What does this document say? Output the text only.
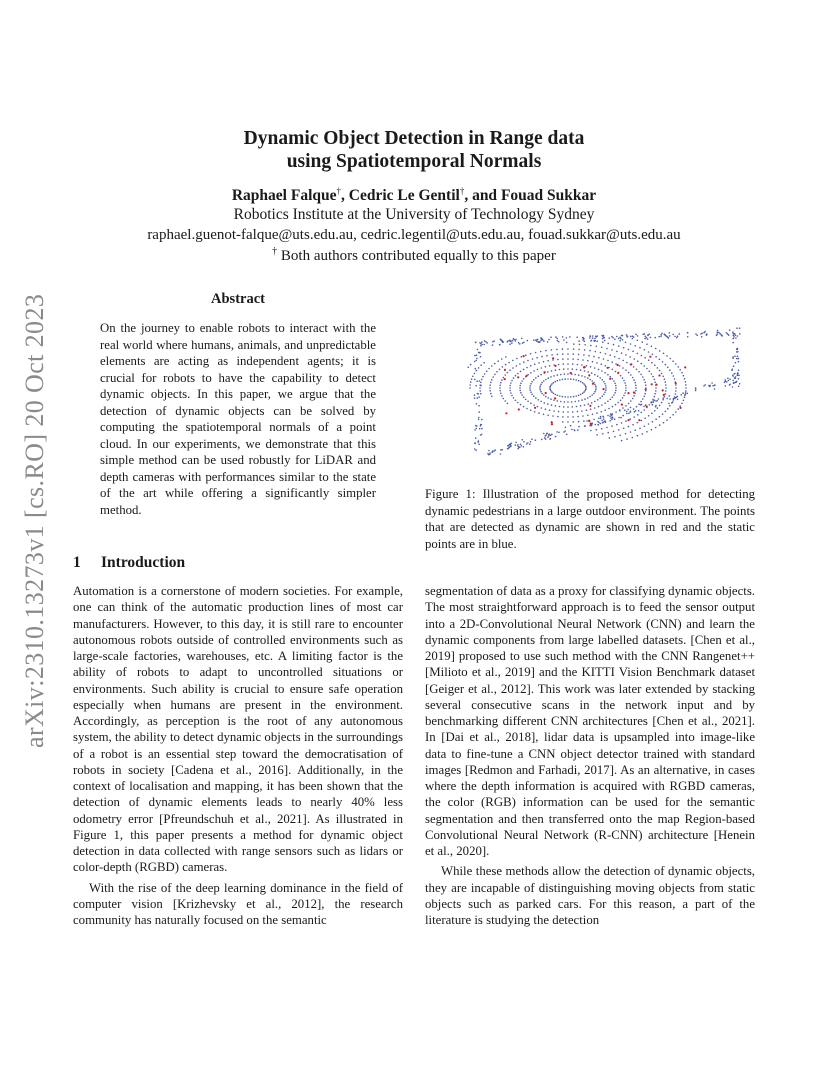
arXiv:2310.13273v1 [cs.RO] 20 Oct 2023
Dynamic Object Detection in Range data
using Spatiotemporal Normals
Raphael Falque†, Cedric Le Gentil†, and Fouad Sukkar
Robotics Institute at the University of Technology Sydney
raphael.guenot-falque@uts.edu.au, cedric.legentil@uts.edu.au, fouad.sukkar@uts.edu.au
† Both authors contributed equally to this paper
Abstract
On the journey to enable robots to interact with the real world where humans, animals, and unpredictable elements are acting as independent agents; it is crucial for robots to have the capability to detect dynamic objects. In this paper, we argue that the detection of dynamic objects can be solved by computing the spatiotemporal normals of a point cloud. In our experiments, we demonstrate that this simple method can be used robustly for LiDAR and depth cameras with performances similar to the state of the art while offering a significantly simpler method.
Figure 1: Illustration of the proposed method for detecting dynamic pedestrians in a large outdoor environment. The points that are detected as dynamic are shown in red and the static points are in blue.
1 Introduction

Automation is a cornerstone of modern societies. For example, one can think of the automatic production lines of most car manufacturers. However, to this day, it is still rare to encounter autonomous robots outside of controlled environments such as large-scale factories, warehouses, etc. A limiting factor is the ability of robots to adapt to uncontrolled situations or environments. Such ability is crucial to ensure safe operation especially when humans are present in the environment. Accordingly, as perception is the root of any autonomous system, the ability to detect dynamic objects in the surroundings of a robot is an essential step toward the democratisation of robots in society [Cadena et al., 2016]. Additionally, in the context of localisation and mapping, it has been shown that the detection of dynamic elements leads to nearly 40% less odometry error [Pfreundschuh et al., 2021]. As illustrated in Figure 1, this paper presents a method for dynamic object detection in data collected with range sensors such as lidars or color-depth (RGBD) cameras.

With the rise of the deep learning dominance in the field of computer vision [Krizhevsky et al., 2012], the research community has naturally focused on the semantic

segmentation of data as a proxy for classifying dynamic objects. The most straightforward approach is to feed the sensor output into a 2D-Convolutional Neural Network (CNN) and learn the dynamic components from large labelled datasets. [Chen et al., 2019] proposed to use such method with the CNN Rangenet++ [Milioto et al., 2019] and the KITTI Vision Benchmark dataset [Geiger et al., 2012]. This work was later extended by stacking several consecutive scans in the network input and by benchmarking different CNN architectures [Chen et al., 2021]. In [Dai et al., 2018], lidar data is upsampled into image-like data to fine-tune a CNN object detector trained with standard images [Redmon and Farhadi, 2017]. As an alternative, in cases where the depth information is acquired with RGBD cameras, the color (RGB) information can be used for the semantic segmentation and then transferred onto the map Region-based Convolutional Neural Network (R-CNN) architecture [Henein et al., 2020].

While these methods allow the detection of dynamic objects, they are incapable of distinguishing moving objects from static objects such as parked cars. For this reason, a part of the literature is studying the detection
